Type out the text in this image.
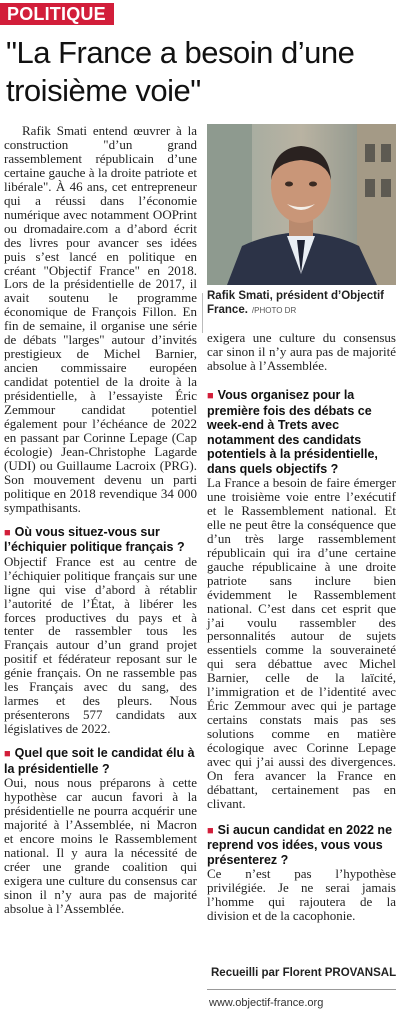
POLITIQUE
"La France a besoin d’une troisième voie"

Rafik Smati entend œuvrer à la construction "d’un grand rassemblement républicain d’une certaine gauche à la droite patriote et libérale". À 46 ans, cet entrepreneur qui a réussi dans l’économie numérique avec notamment OOPrint ou dromadaire.com a d’abord écrit des livres pour avancer ses idées puis s’est lancé en politique en créant "Objectif France" en 2018. Lors de la présidentielle de 2017, il avait soutenu le programme économique de François Fillon. En fin de semaine, il organise une série de débats "larges" autour d’invités prestigieux de Michel Barnier, ancien commissaire européen candidat potentiel de la droite à la présidentielle, à l’essayiste Éric Zemmour candidat potentiel également pour l’échéance de 2022 en passant par Corinne Lepage (Cap écologie) Jean-Christophe Lagarde (UDI) ou Guillaume Lacroix (PRG). Son mouvement devenu un parti politique en 2018 revendique 34 000 sympathisants.

■ Où vous situez-vous sur l’échiquier politique français ?

Objectif France est au centre de l’échiquier politique français sur une ligne qui vise d’abord à rétablir l’autorité de l’État, à libérer les forces productives du pays et à tenter de rassembler tous les Français autour d’un grand projet positif et fédérateur reposant sur le génie français. On ne rassemble pas les Français avec du sang, des larmes et des pleurs. Nous présenterons 577 candidats aux législatives de 2022.

■ Quel que soit le candidat élu à la présidentielle ?

Oui, nous nous préparons à cette hypothèse car aucun favori à la présidentielle ne pourra acquérir une majorité à l’Assemblée, ni Macron et encore moins le Rassemblement national. Il y aura la nécessité de créer une grande coalition qui exigera une culture du consensus car sinon il n’y aura pas de majorité absolue à l’Assemblée.

Rafik Smati, président d’Objectif France. /PHOTO DR

exigera une culture du consensus car sinon il n’y aura pas de majorité absolue à l’Assemblée.

■ Vous organisez pour la première fois des débats ce week-end à Trets avec notamment des candidats potentiels à la présidentielle, dans quels objectifs ?

La France a besoin de faire émerger une troisième voie entre l’exécutif et le Rassemblement national. Et elle ne peut être la conséquence que d’un très large rassemblement républicain qui ira d’une certaine gauche républicaine à une droite patriote sans inclure bien évidemment le Rassemblement national. C’est dans cet esprit que j’ai voulu rassembler des personnalités autour de sujets essentiels comme la souveraineté qui sera débattue avec Michel Barnier, celle de la laïcité, l’immigration et de l’identité avec Éric Zemmour avec qui je partage certains constats mais pas ses solutions comme en matière écologique avec Corinne Lepage avec qui j’ai aussi des divergences. On fera avancer la France en débattant, certainement pas en clivant.

■ Si aucun candidat en 2022 ne reprend vos idées, vous vous présenterez ?

Ce n’est pas l’hypothèse privilégiée. Je ne serai jamais l’homme qui rajoutera de la division et de la cacophonie.

Recueilli par Florent PROVANSAL
www.objectif-france.org
